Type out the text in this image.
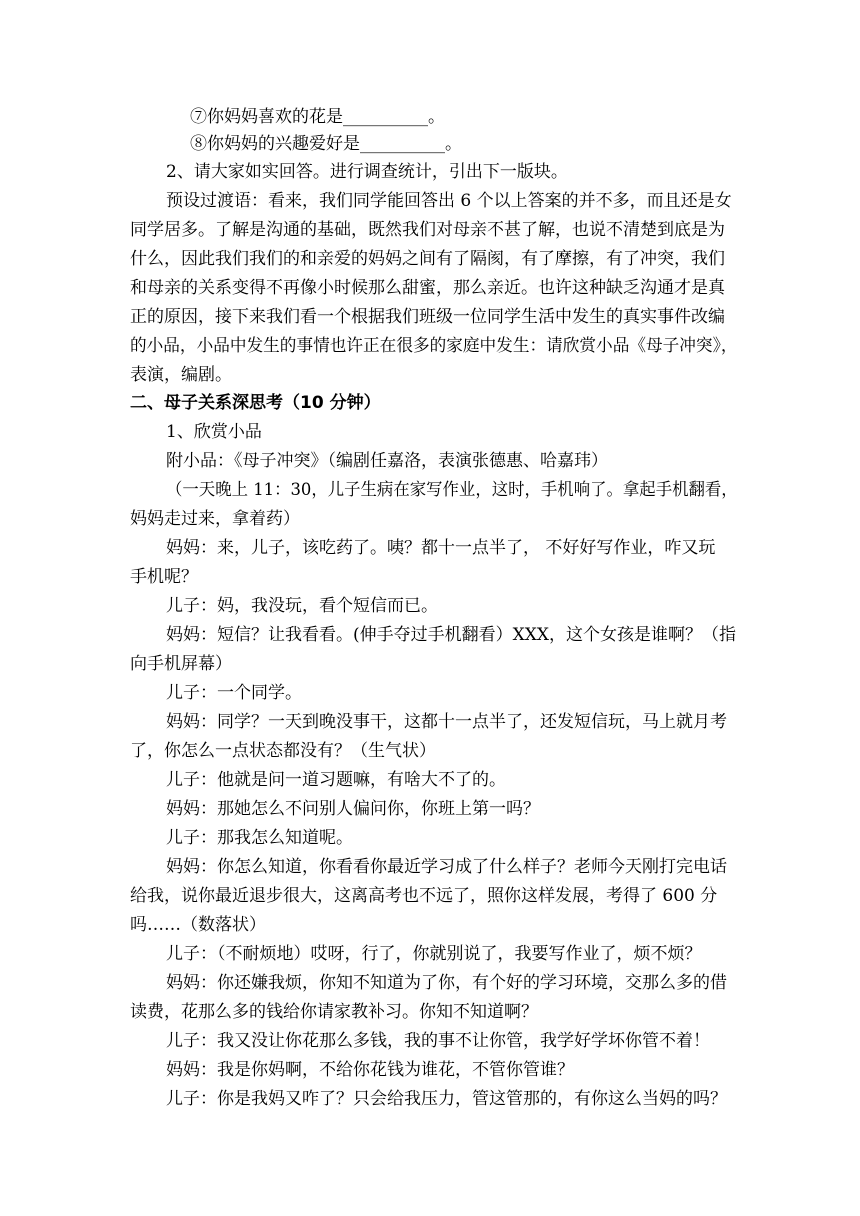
⑦你妈妈喜欢的花是__________。
⑧你妈妈的兴趣爱好是__________。
2、请大家如实回答。进行调查统计，引出下一版块。
预设过渡语：看来，我们同学能回答出 6 个以上答案的并不多，而且还是女
同学居多。了解是沟通的基础，既然我们对母亲不甚了解，也说不清楚到底是为
什么，因此我们我们的和亲爱的妈妈之间有了隔阂，有了摩擦，有了冲突，我们
和母亲的关系变得不再像小时候那么甜蜜，那么亲近。也许这种缺乏沟通才是真
正的原因，接下来我们看一个根据我们班级一位同学生活中发生的真实事件改编
的小品，小品中发生的事情也许正在很多的家庭中发生：请欣赏小品《母子冲突》，
表演，编剧。
二、母子关系深思考（10 分钟）
1、欣赏小品
附小品：《母子冲突》（编剧任嘉洛，表演张德惠、哈嘉玮）
（一天晚上 11：30，儿子生病在家写作业，这时，手机响了。拿起手机翻看，
妈妈走过来，拿着药）
妈妈：来，儿子，该吃药了。咦？都十一点半了， 不好好写作业，咋又玩
手机呢？
儿子：妈，我没玩，看个短信而已。
妈妈：短信？让我看看。(伸手夺过手机翻看）XXX，这个女孩是谁啊？（指
向手机屏幕）
儿子：一个同学。
妈妈：同学？一天到晚没事干，这都十一点半了，还发短信玩，马上就月考
了，你怎么一点状态都没有？（生气状）
儿子：他就是问一道习题嘛，有啥大不了的。
妈妈：那她怎么不问别人偏问你，你班上第一吗？
儿子：那我怎么知道呢。
妈妈：你怎么知道，你看看你最近学习成了什么样子？老师今天刚打完电话
给我，说你最近退步很大，这离高考也不远了，照你这样发展，考得了 600 分
吗……（数落状）
儿子：（不耐烦地）哎呀，行了，你就别说了，我要写作业了，烦不烦？
妈妈：你还嫌我烦，你知不知道为了你，有个好的学习环境，交那么多的借
读费，花那么多的钱给你请家教补习。你知不知道啊？
儿子：我又没让你花那么多钱，我的事不让你管，我学好学坏你管不着！
妈妈：我是你妈啊，不给你花钱为谁花，不管你管谁？
儿子：你是我妈又咋了？只会给我压力，管这管那的，有你这么当妈的吗？
